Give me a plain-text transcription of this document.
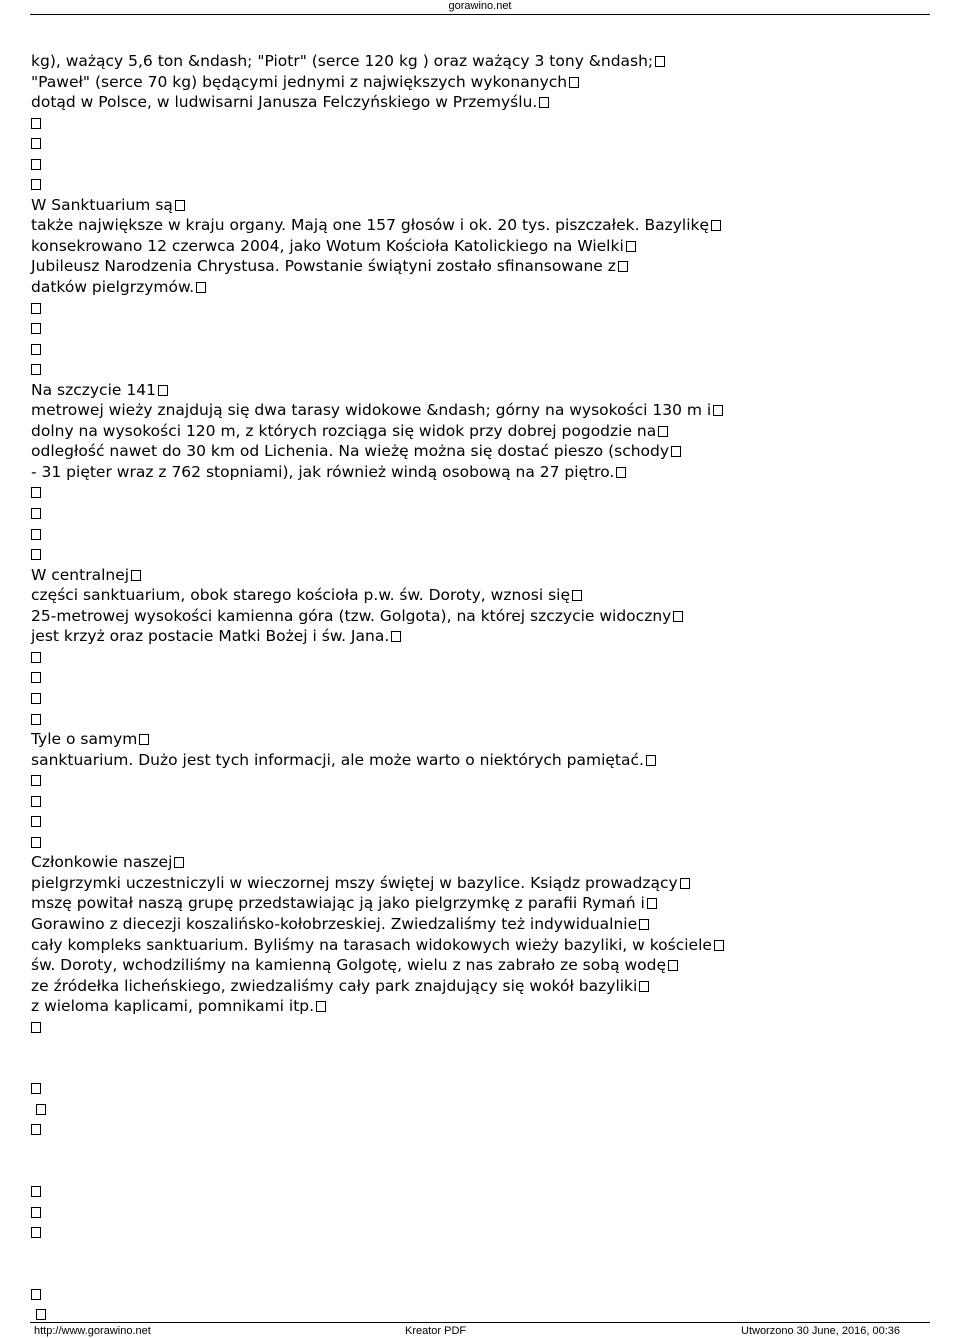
gorawino.net
kg), ważący 5,6 ton &ndash; "Piotr" (serce 120 kg ) oraz ważący 3 tony &ndash;
"Paweł" (serce 70 kg) będącymi jednymi z największych wykonanych
dotąd w Polsce, w ludwisarni Janusza Felczyńskiego w Przemyślu.
W Sanktuarium są
także największe w kraju organy. Mają one 157 głosów i ok. 20 tys. piszczałek. Bazylikę
konsekrowano 12 czerwca 2004, jako Wotum Kościoła Katolickiego na Wielki
Jubileusz Narodzenia Chrystusa. Powstanie świątyni zostało sfinansowane z
datków pielgrzymów.
Na szczycie 141
metrowej wieży znajdują się dwa tarasy widokowe &ndash; górny na wysokości 130 m i
dolny na wysokości 120 m, z których rozciąga się widok przy dobrej pogodzie na
odległość nawet do 30 km od Lichenia. Na wieżę można się dostać pieszo (schody
- 31 pięter wraz z 762 stopniami), jak również windą osobową na 27 piętro.
W centralnej
części sanktuarium, obok starego kościoła p.w. św. Doroty, wznosi się
25-metrowej wysokości kamienna góra (tzw. Golgota), na której szczycie widoczny
jest krzyż oraz postacie Matki Bożej i św. Jana.
Tyle o samym
sanktuarium. Dużo jest tych informacji, ale może warto o niektórych pamiętać.
Członkowie naszej
pielgrzymki uczestniczyli w wieczornej mszy świętej w bazylice. Ksiądz prowadzący
mszę powitał naszą grupę przedstawiając ją jako pielgrzymkę z parafii Rymań i
Gorawino z diecezji koszalińsko-kołobrzeskiej. Zwiedzaliśmy też indywidualnie
cały kompleks sanktuarium. Byliśmy na tarasach widokowych wieży bazyliki, w kościele
św. Doroty, wchodziliśmy na kamienną Golgotę, wielu z nas zabrało ze sobą wodę
ze źródełka licheńskiego, zwiedzaliśmy cały park znajdujący się wokół bazyliki
z wieloma kaplicami, pomnikami itp.

http://www.gorawino.net	Kreator PDF	Utworzono 30 June, 2016, 00:36
